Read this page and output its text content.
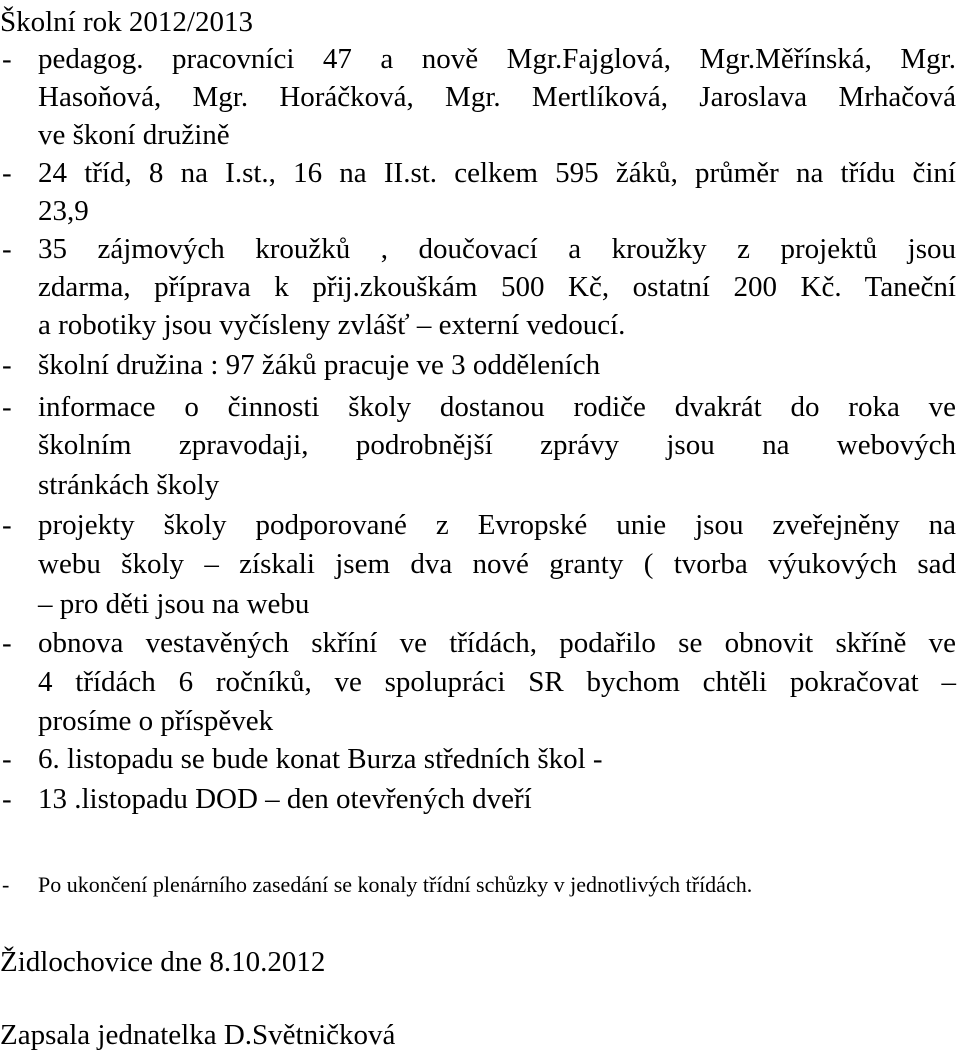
Školní rok 2012/2013
- pedagog. pracovníci 47 a nově Mgr.Fajglová, Mgr.Měřínská, Mgr.
Hasoňová, Mgr. Horáčková, Mgr. Mertlíková, Jaroslava Mrhačová
ve škoní družině
- 24 tříd, 8 na I.st., 16 na II.st. celkem 595 žáků, průměr na třídu činí
23,9
- 35 zájmových kroužků , doučovací a kroužky z projektů jsou
zdarma, příprava k přij.zkouškám 500 Kč, ostatní 200 Kč. Taneční
a robotiky jsou vyčísleny zvlášť – externí vedoucí.
- školní družina : 97 žáků pracuje ve 3 odděleních
- informace o činnosti školy dostanou rodiče dvakrát do roka ve
školním zpravodaji, podrobnější zprávy jsou na webových
stránkách školy
- projekty školy podporované z Evropské unie jsou zveřejněny na
webu školy – získali jsem dva nové granty ( tvorba výukových sad
– pro děti jsou na webu
- obnova vestavěných skříní ve třídách, podařilo se obnovit skříně ve
4 třídách 6 ročníků, ve spolupráci SR bychom chtěli pokračovat –
prosíme o příspěvek
- 6. listopadu se bude konat Burza středních škol -
- 13 .listopadu DOD – den otevřených dveří
- Po ukončení plenárního zasedání se konaly třídní schůzky v jednotlivých třídách.
Židlochovice dne 8.10.2012
Zapsala jednatelka D.Světničková
